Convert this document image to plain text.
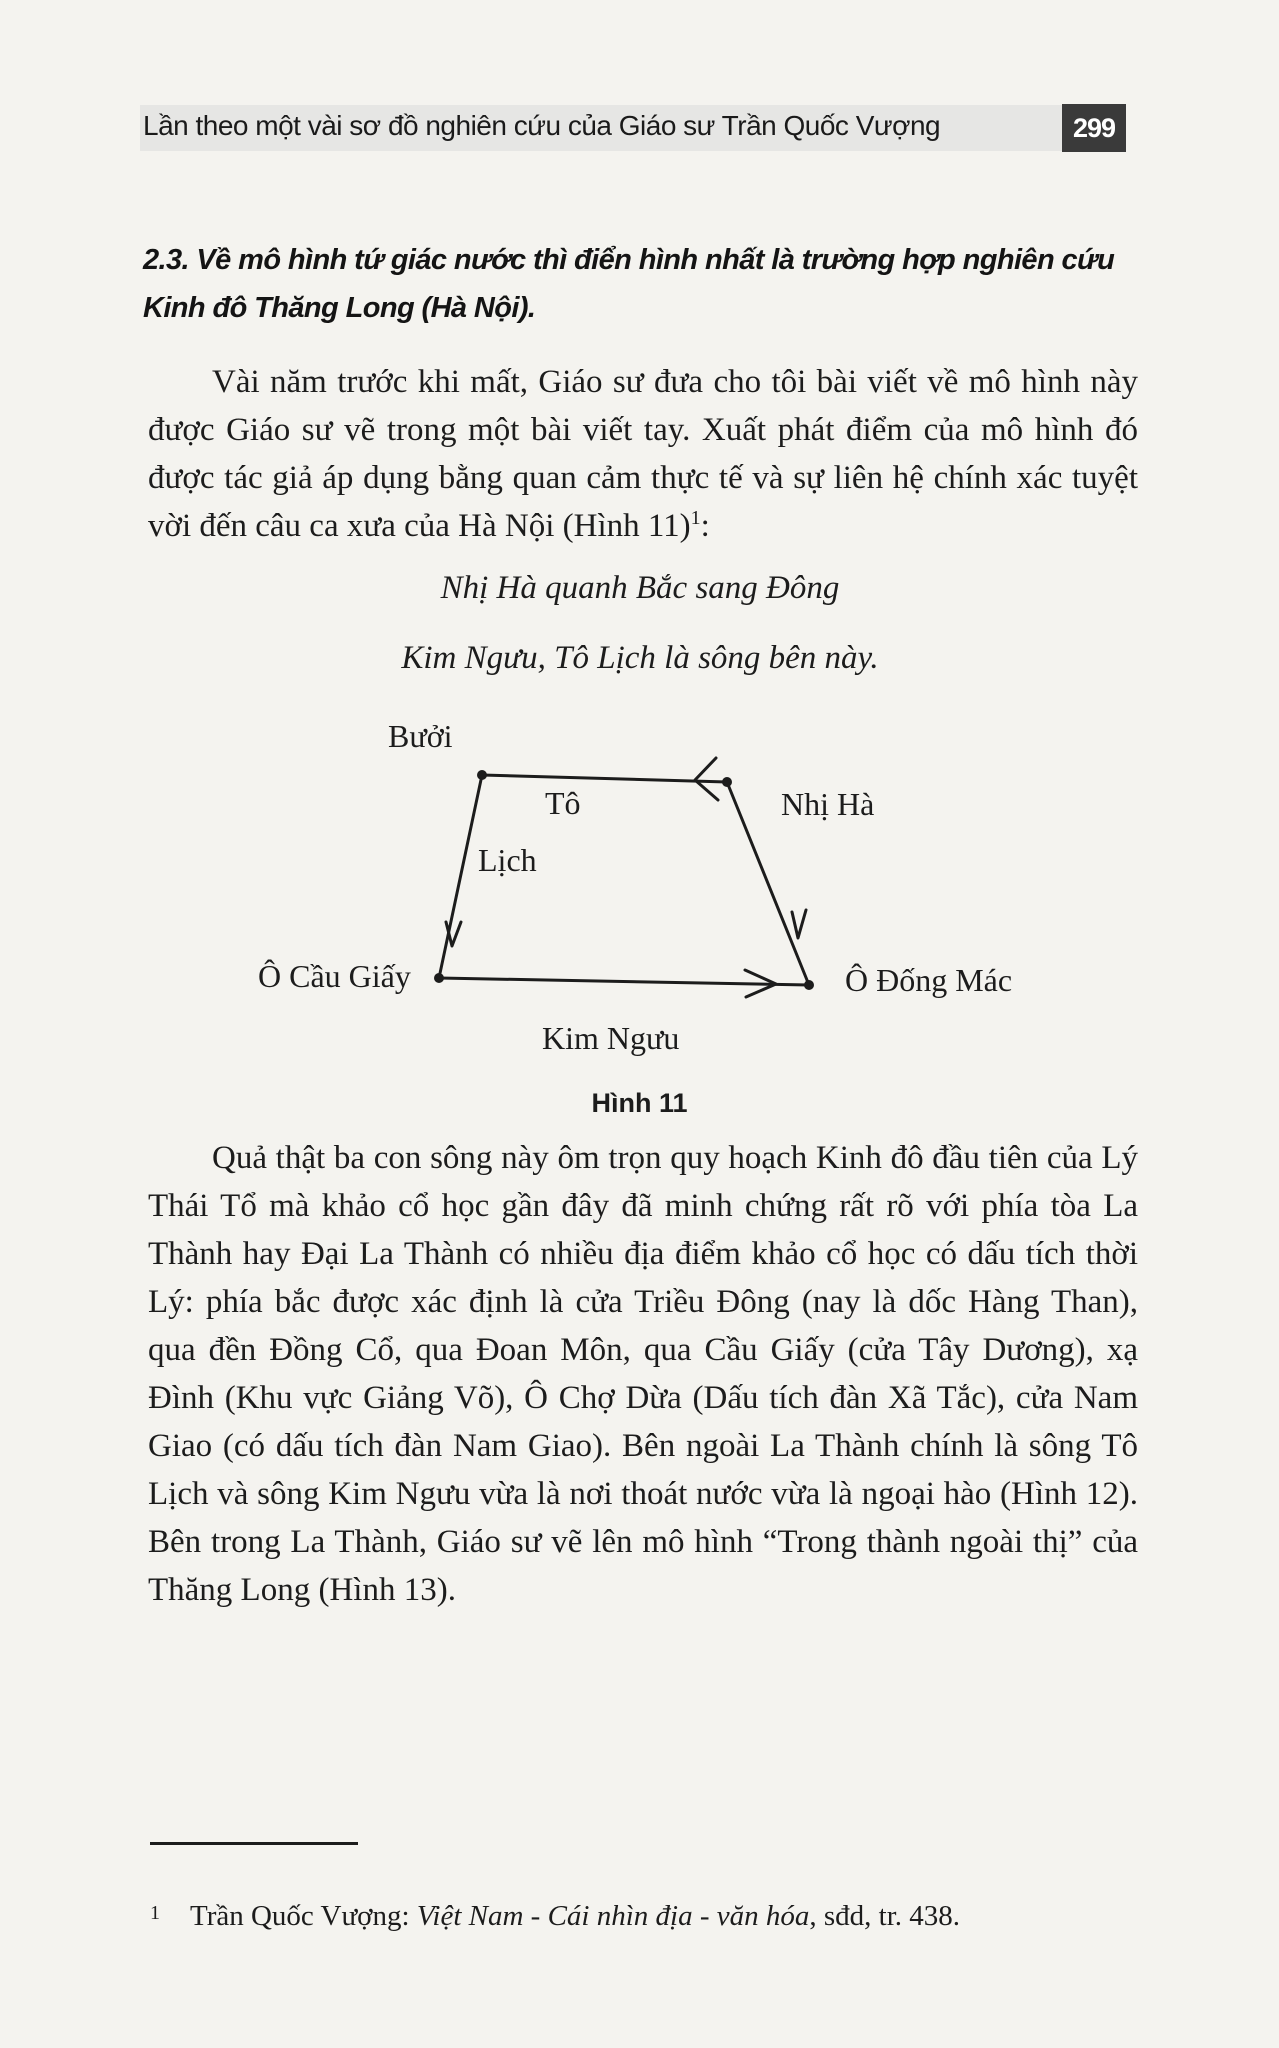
Lần theo một vài sơ đồ nghiên cứu của Giáo sư Trần Quốc Vượng	299
2.3. Về mô hình tứ giác nước thì điển hình nhất là trường hợp nghiên cứu Kinh đô Thăng Long (Hà Nội).
Vài năm trước khi mất, Giáo sư đưa cho tôi bài viết về mô hình này được Giáo sư vẽ trong một bài viết tay. Xuất phát điểm của mô hình đó được tác giả áp dụng bằng quan cảm thực tế và sự liên hệ chính xác tuyệt vời đến câu ca xưa của Hà Nội (Hình 11)$^1$:
Nhị Hà quanh Bắc sang Đông
Kim Ngưu, Tô Lịch là sông bên này.
Bưởi
Tô
Lịch
Nhị Hà
Ô Cầu Giấy	Ô Đống Mác
Kim Ngưu
Hình 11
Quả thật ba con sông này ôm trọn quy hoạch Kinh đô đầu tiên của Lý Thái Tổ mà khảo cổ học gần đây đã minh chứng rất rõ với phía tòa La Thành hay Đại La Thành có nhiều địa điểm khảo cổ học có dấu tích thời Lý: phía bắc được xác định là cửa Triều Đông (nay là dốc Hàng Than), qua đền Đồng Cổ, qua Đoan Môn, qua Cầu Giấy (cửa Tây Dương), xạ Đình (Khu vực Giảng Võ), Ô Chợ Dừa (Dấu tích đàn Xã Tắc), cửa Nam Giao (có dấu tích đàn Nam Giao). Bên ngoài La Thành chính là sông Tô Lịch và sông Kim Ngưu vừa là nơi thoát nước vừa là ngoại hào (Hình 12). Bên trong La Thành, Giáo sư vẽ lên mô hình “Trong thành ngoài thị” của Thăng Long (Hình 13).
$^1$ Trần Quốc Vượng: Việt Nam - Cái nhìn địa - văn hóa, sđd, tr. 438.
